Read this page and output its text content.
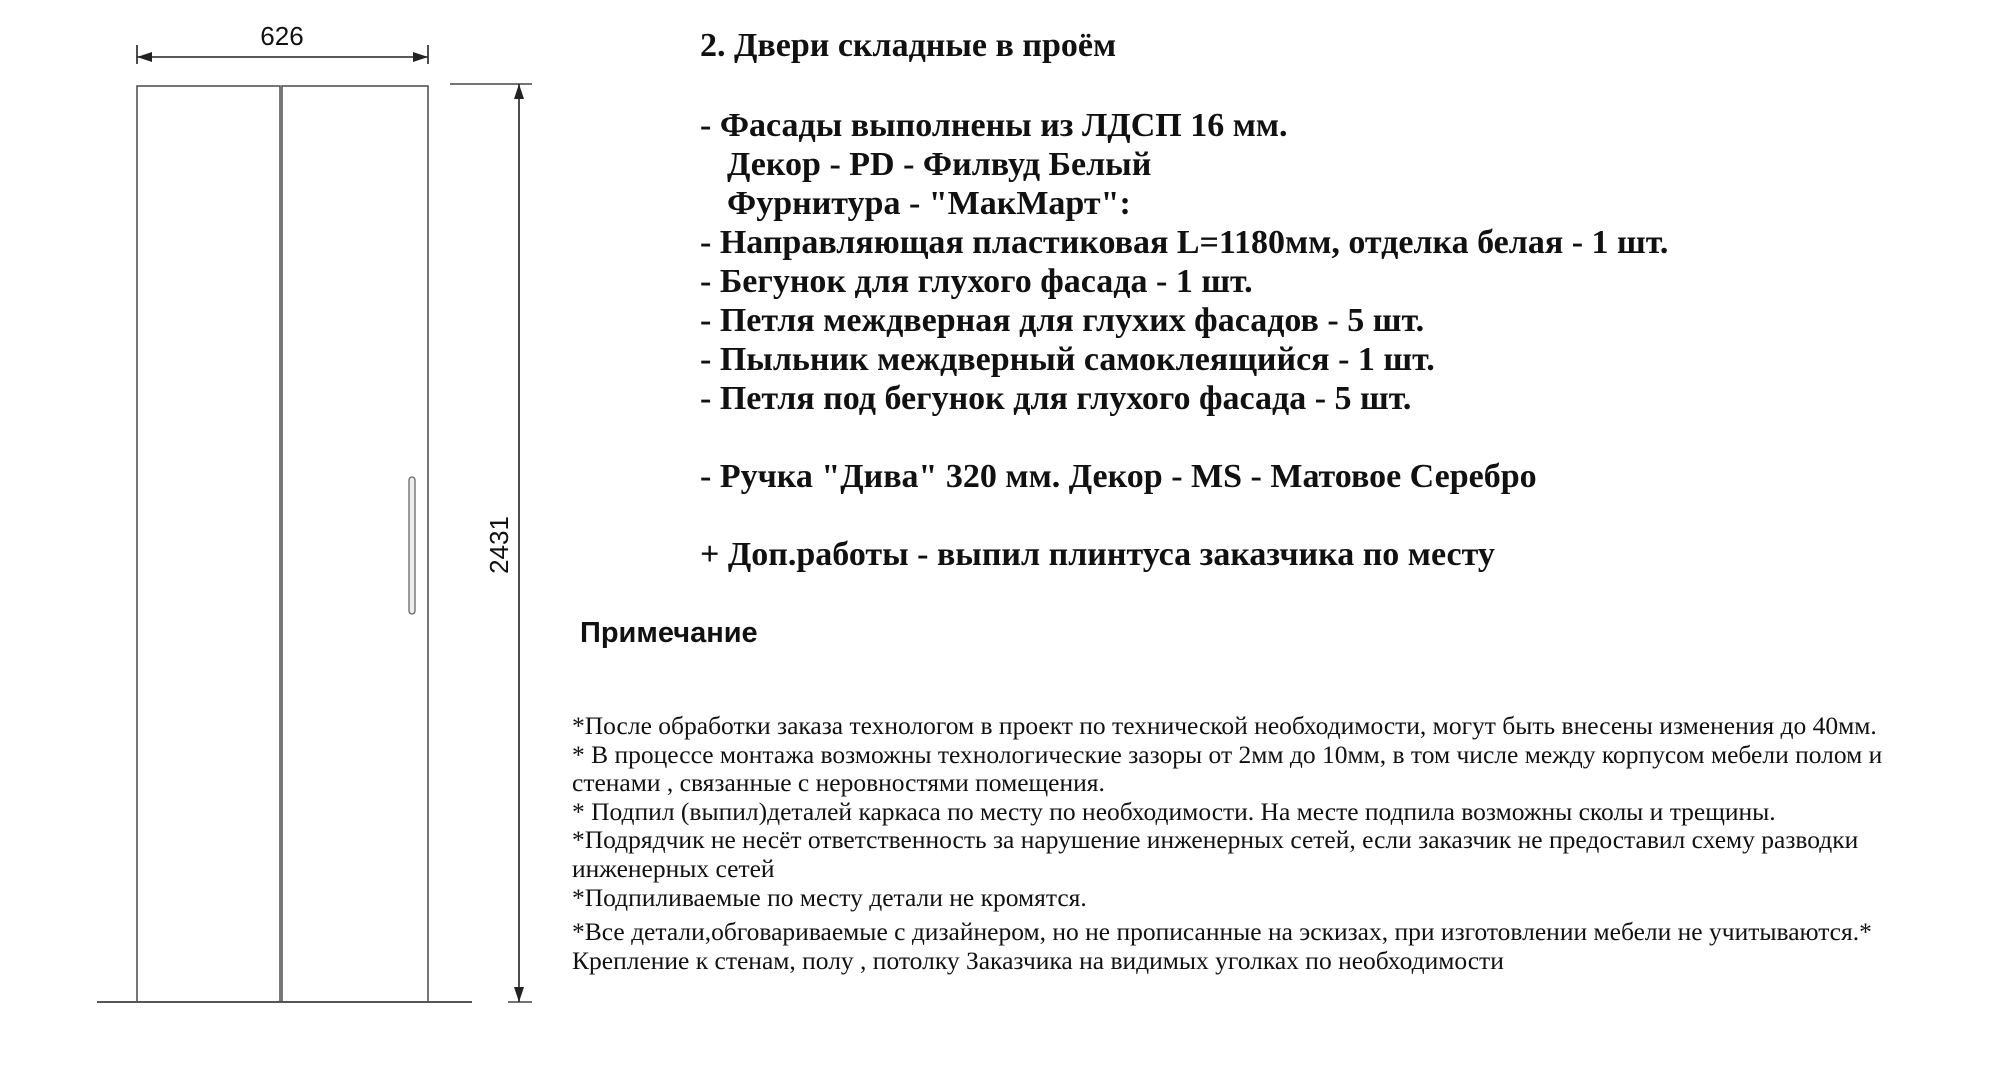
626
2431
2. Двери складные в проём
- Фасады выполнены из ЛДСП 16 мм.
Декор - PD - Филвуд Белый
Фурнитура - "МакМарт":
- Направляющая пластиковая L=1180мм, отделка белая - 1 шт.
- Бегунок для глухого фасада - 1 шт.
- Петля междверная для глухих фасадов - 5 шт.
- Пыльник междверный самоклеящийся - 1 шт.
- Петля под бегунок для глухого фасада - 5 шт.
- Ручка "Дива" 320 мм. Декор - MS - Матовое Серебро
+ Доп.работы - выпил плинтуса заказчика по месту
Примечание

*После обработки заказа технологом в проект по технической необходимости, могут быть внесены изменения до 40мм.

* В процессе монтажа возможны технологические зазоры от 2мм до 10мм, в том числе между корпусом мебели полом и стенами , связанные с неровностями помещения.

* Подпил (выпил)деталей каркаса по месту по необходимости. На месте подпила возможны сколы и трещины.

*Подрядчик не несёт ответственность за нарушение инженерных сетей, если заказчик не предоставил схему разводки инженерных сетей

*Подпиливаемые по месту детали не кромятся.

*Все детали,обговариваемые с дизайнером, но не прописанные на эскизах, при изготовлении мебели не учитываются.* Крепление к стенам, полу , потолку Заказчика на видимых уголках по необходимости
